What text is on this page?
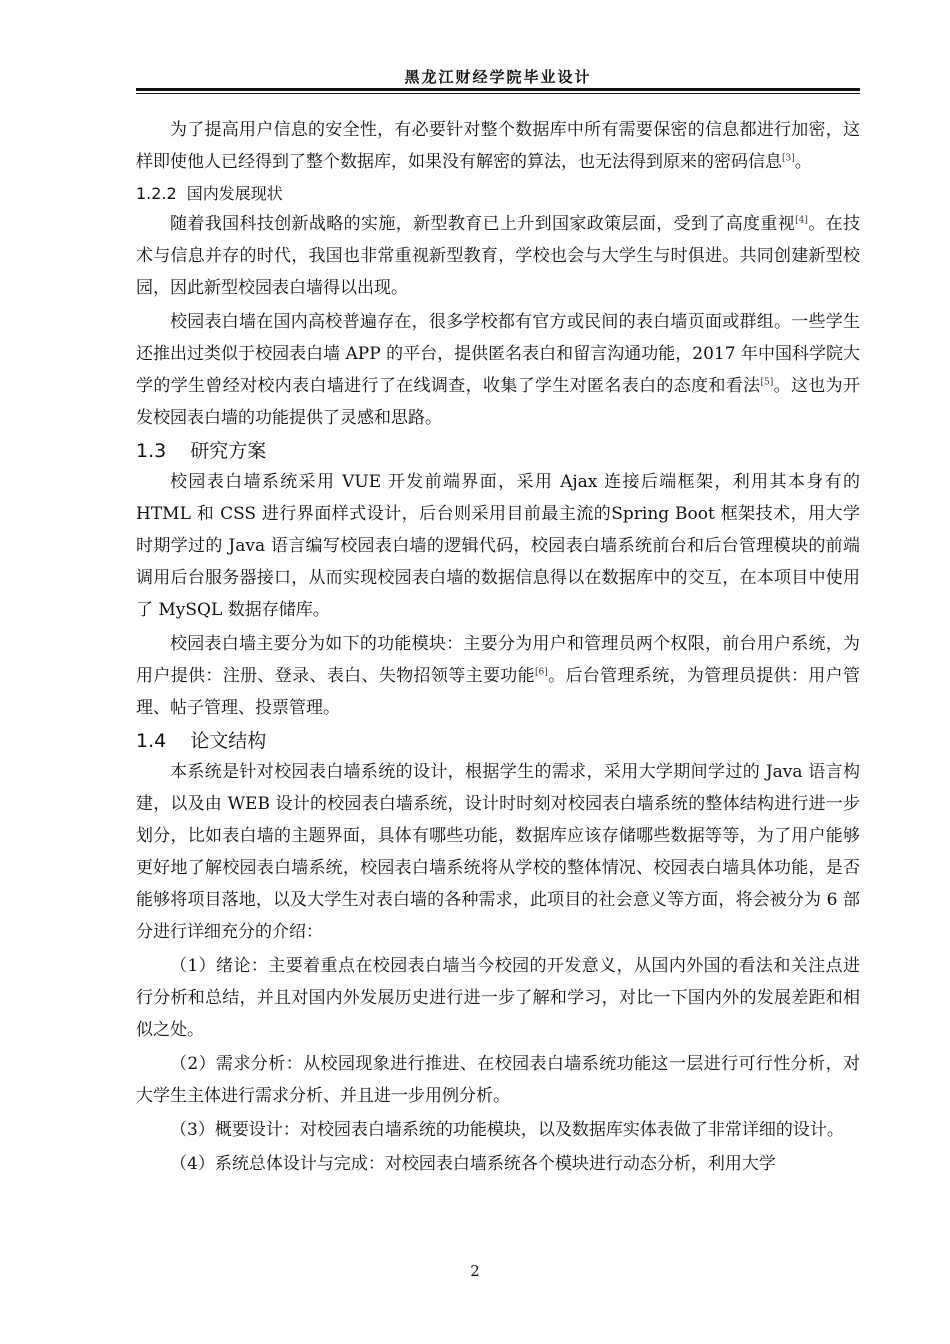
黑龙江财经学院毕业设计

为了提高用户信息的安全性，有必要针对整个数据库中所有需要保密的信息都进行加密，这样即使他人已经得到了整个数据库，如果没有解密的算法，也无法得到原来的密码信息[3]。

1.2.2 国内发展现状

随着我国科技创新战略的实施，新型教育已上升到国家政策层面，受到了高度重视[4]。在技术与信息并存的时代，我国也非常重视新型教育，学校也会与大学生与时俱进。共同创建新型校园，因此新型校园表白墙得以出现。

校园表白墙在国内高校普遍存在，很多学校都有官方或民间的表白墙页面或群组。一些学生还推出过类似于校园表白墙 APP 的平台，提供匿名表白和留言沟通功能，2017 年中国科学院大学的学生曾经对校内表白墙进行了在线调查，收集了学生对匿名表白的态度和看法[5]。这也为开发校园表白墙的功能提供了灵感和思路。

1.3 研究方案

校园表白墙系统采用 VUE 开发前端界面，采用 Ajax 连接后端框架，利用其本身有的 HTML 和 CSS 进行界面样式设计，后台则采用目前最主流的Spring Boot 框架技术，用大学时期学过的 Java 语言编写校园表白墙的逻辑代码，校园表白墙系统前台和后台管理模块的前端调用后台服务器接口，从而实现校园表白墙的数据信息得以在数据库中的交互，在本项目中使用了 MySQL 数据存储库。

校园表白墙主要分为如下的功能模块：主要分为用户和管理员两个权限，前台用户系统，为用户提供：注册、登录、表白、失物招领等主要功能[6]。后台管理系统，为管理员提供：用户管理、帖子管理、投票管理。

1.4 论文结构

本系统是针对校园表白墙系统的设计，根据学生的需求，采用大学期间学过的 Java 语言构建，以及由 WEB 设计的校园表白墙系统，设计时时刻对校园表白墙系统的整体结构进行进一步划分，比如表白墙的主题界面，具体有哪些功能，数据库应该存储哪些数据等等，为了用户能够更好地了解校园表白墙系统，校园表白墙系统将从学校的整体情况、校园表白墙具体功能，是否能够将项目落地，以及大学生对表白墙的各种需求，此项目的社会意义等方面，将会被分为 6 部分进行详细充分的介绍：

（1）绪论：主要着重点在校园表白墙当今校园的开发意义，从国内外国的看法和关注点进行分析和总结，并且对国内外发展历史进行进一步了解和学习，对比一下国内外的发展差距和相似之处。

（2）需求分析：从校园现象进行推进、在校园表白墙系统功能这一层进行可行性分析，对大学生主体进行需求分析、并且进一步用例分析。

（3）概要设计：对校园表白墙系统的功能模块，以及数据库实体表做了非常详细的设计。

（4）系统总体设计与完成：对校园表白墙系统各个模块进行动态分析，利用大学

2
